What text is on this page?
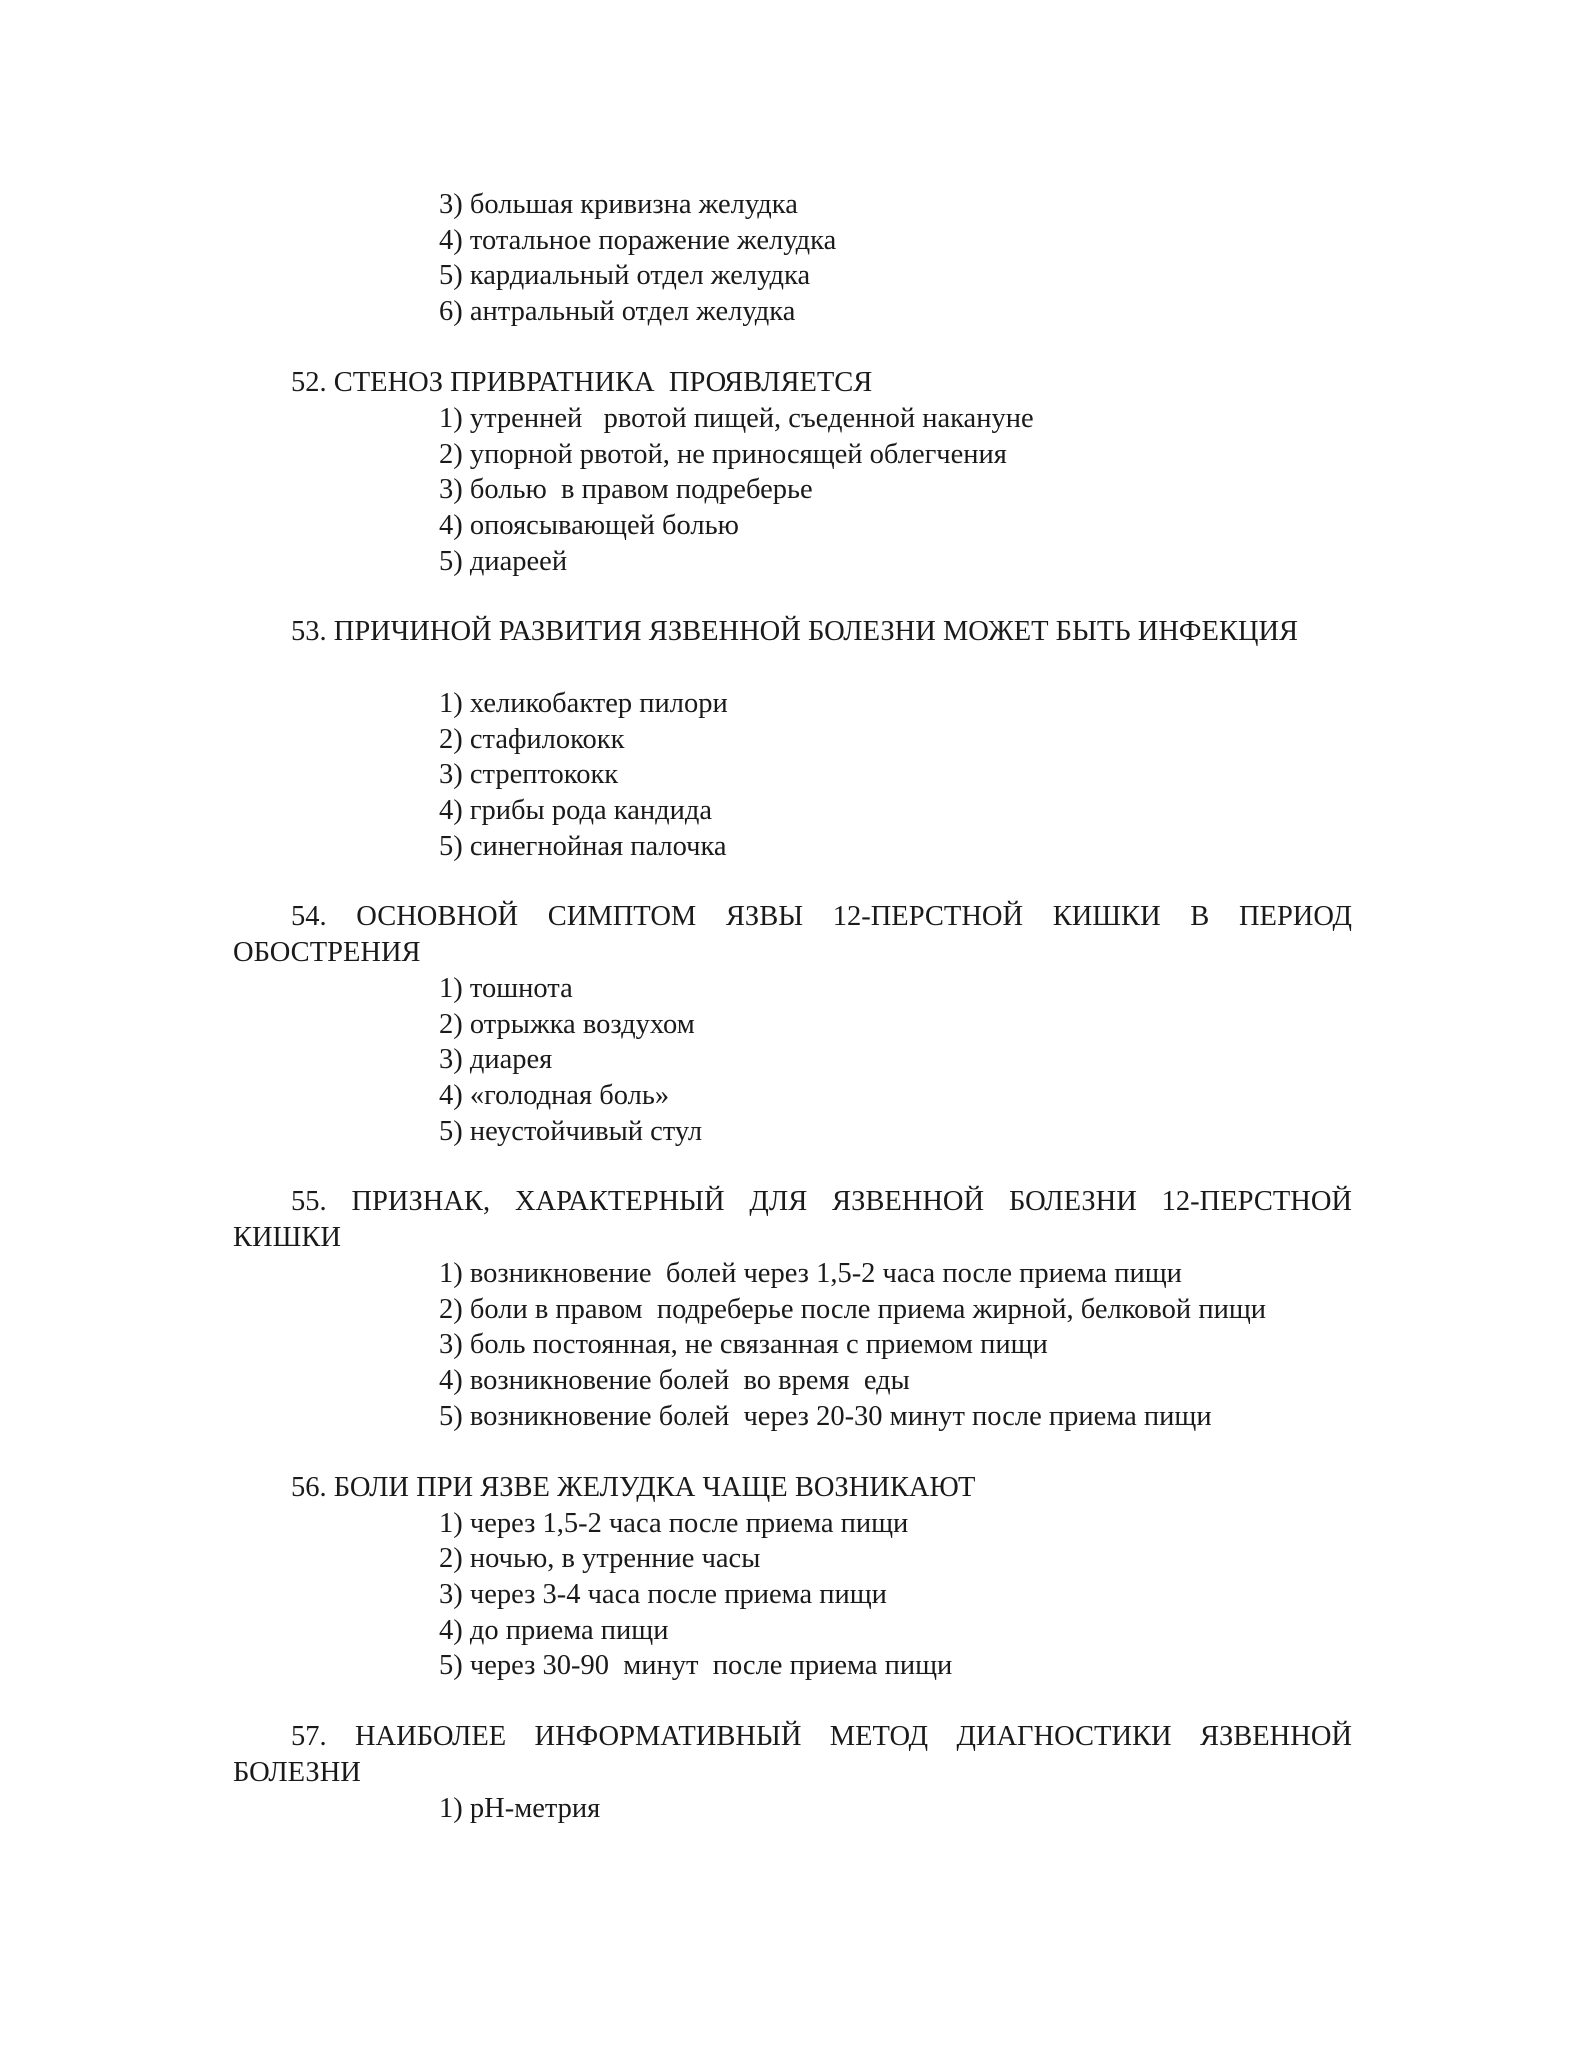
3) большая кривизна желудка
4) тотальное поражение желудка
5) кардиальный отдел желудка
6) антральный отдел желудка
52. СТЕНОЗ ПРИВРАТНИКА  ПРОЯВЛЯЕТСЯ
1) утренней   рвотой пищей, съеденной накануне
2) упорной рвотой, не приносящей облегчения
3) болью  в правом подреберье
4) опоясывающей болью
5) диареей
53. ПРИЧИНОЙ РАЗВИТИЯ ЯЗВЕННОЙ БОЛЕЗНИ МОЖЕТ БЫТЬ ИНФЕКЦИЯ
1) хеликобактер пилори
2) стафилококк
3) стрептококк
4) грибы рода кандида
5) синегнойная палочка
54. ОСНОВНОЙ СИМПТОМ ЯЗВЫ 12-ПЕРСТНОЙ КИШКИ В ПЕРИОД ОБОСТРЕНИЯ
1) тошнота
2) отрыжка воздухом
3) диарея
4) «голодная боль»
5) неустойчивый стул
55. ПРИЗНАК, ХАРАКТЕРНЫЙ ДЛЯ ЯЗВЕННОЙ БОЛЕЗНИ 12-ПЕРСТНОЙ КИШКИ
1) возникновение  болей через 1,5-2 часа после приема пищи
2) боли в правом  подреберье после приема жирной, белковой пищи
3) боль постоянная, не связанная с приемом пищи
4) возникновение болей  во время  еды
5) возникновение болей  через 20-30 минут после приема пищи
56. БОЛИ ПРИ ЯЗВЕ ЖЕЛУДКА ЧАЩЕ ВОЗНИКАЮТ
1) через 1,5-2 часа после приема пищи
2) ночью, в утренние часы
3) через 3-4 часа после приема пищи
4) до приема пищи
5) через 30-90  минут  после приема пищи
57. НАИБОЛЕЕ ИНФОРМАТИВНЫЙ МЕТОД ДИАГНОСТИКИ ЯЗВЕННОЙ БОЛЕЗНИ
1) рН-метрия
